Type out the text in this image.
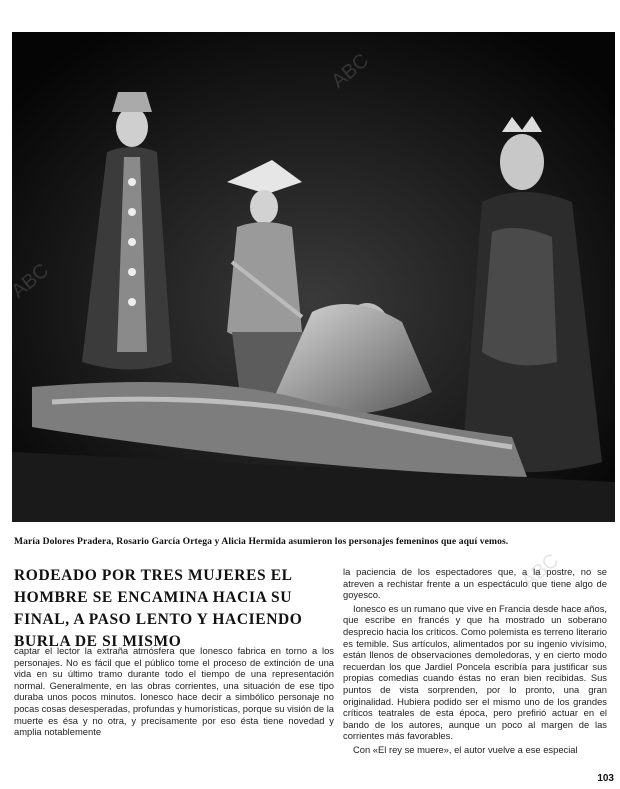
ABC
ABC
ABC
María Dolores Pradera, Rosario García Ortega y Alicia Hermida asumieron los personajes femeninos que aquí vemos.
RODEADO POR TRES MUJERES EL HOMBRE SE ENCAMINA HACIA SU FINAL, A PASO LENTO Y HACIENDO BURLA DE SI MISMO

captar el lector la extraña atmósfera que Ionesco fabrica en torno a los personajes. No es fácil que el público tome el proceso de extinción de una vida en su último tramo durante todo el tiempo de una representación normal. Generalmente, en las obras corrientes, una situación de ese tipo duraba unos pocos minutos. Ionesco hace decir a simbólico personaje no pocas cosas desesperadas, profundas y humorísticas, porque su visión de la muerte es ésa y no otra, y precisamente por eso ésta tiene novedad y amplia notablemente

la paciencia de los espectadores que, a la postre, no se atreven a rechistar frente a un espectáculo que tiene algo de goyesco.

Ionesco es un rumano que vive en Francia desde hace años, que escribe en francés y que ha mostrado un soberano desprecio hacia los críticos. Como polemista es terreno literario es temible. Sus artículos, alimentados por su ingenio vivísimo, están llenos de observaciones demoledoras, y en cierto modo recuerdan los que Jardiel Poncela escribía para justificar sus propias comedias cuando éstas no eran bien recibidas. Sus puntos de vista sorprenden, por lo pronto, una gran originalidad. Hubiera podido ser el mismo uno de los grandes críticos teatrales de esta época, pero prefirió actuar en el bando de los autores, aunque un poco al margen de las corrientes más favorables.

Con «El rey se muere», el autor vuelve a ese especial

103
